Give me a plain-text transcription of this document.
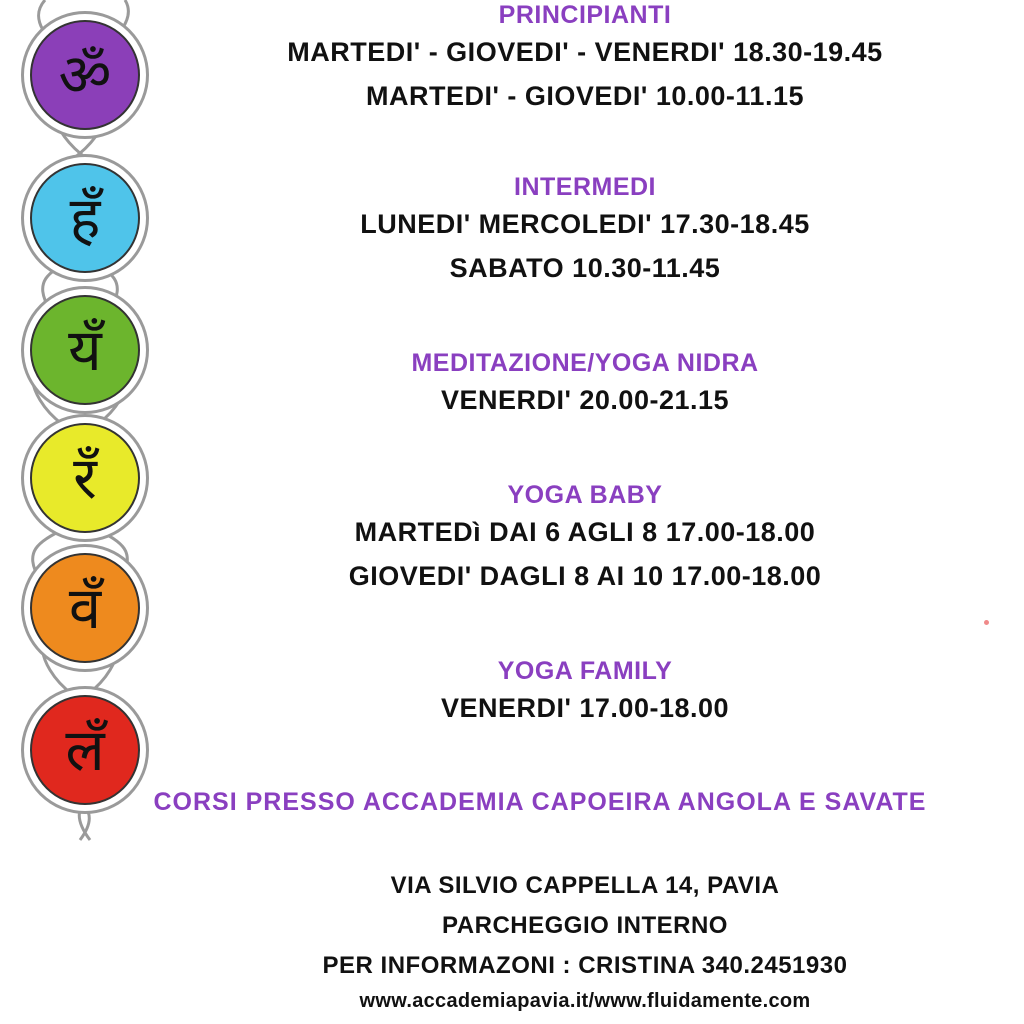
ॐ
हँ
यँ
रँ
वँ
लँ

PRINCIPIANTI

MARTEDI' - GIOVEDI' - VENERDI' 18.30-19.45

MARTEDI' - GIOVEDI' 10.00-11.15

INTERMEDI

LUNEDI' MERCOLEDI' 17.30-18.45

SABATO 10.30-11.45

MEDITAZIONE/YOGA NIDRA

VENERDI' 20.00-21.15

YOGA BABY

MARTEDì DAI 6 AGLI 8 17.00-18.00

GIOVEDI' DAGLI 8 AI 10 17.00-18.00

YOGA FAMILY

VENERDI' 17.00-18.00

CORSI PRESSO ACCADEMIA CAPOEIRA ANGOLA E SAVATE

VIA SILVIO CAPPELLA 14, PAVIA

PARCHEGGIO INTERNO

PER INFORMAZONI : CRISTINA 340.2451930

www.accademiapavia.it/www.fluidamente.com
